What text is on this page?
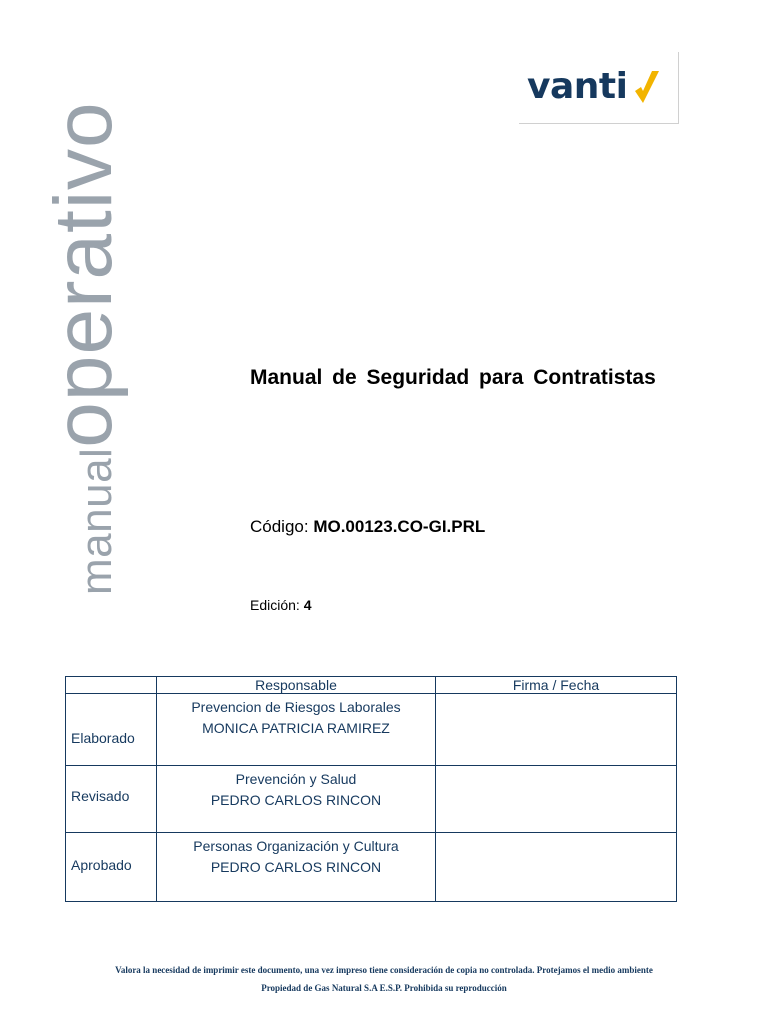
manualoperativo
vanti
Manual de Seguridad para Contratistas
Código: MO.00123.CO-GI.PRL
Edición: 4
	Responsable	Firma / Fecha

Elaborado	Prevencion de Riesgos Laborales
MONICA PATRICIA RAMIREZ	

Revisado	Prevención y Salud
PEDRO CARLOS RINCON	

Aprobado	Personas Organización y Cultura
PEDRO CARLOS RINCON	

Valora la necesidad de imprimir este documento, una vez impreso tiene consideración de copia no controlada. Protejamos el medio ambiente
Propiedad de Gas Natural S.A E.S.P. Prohibida su reproducción
